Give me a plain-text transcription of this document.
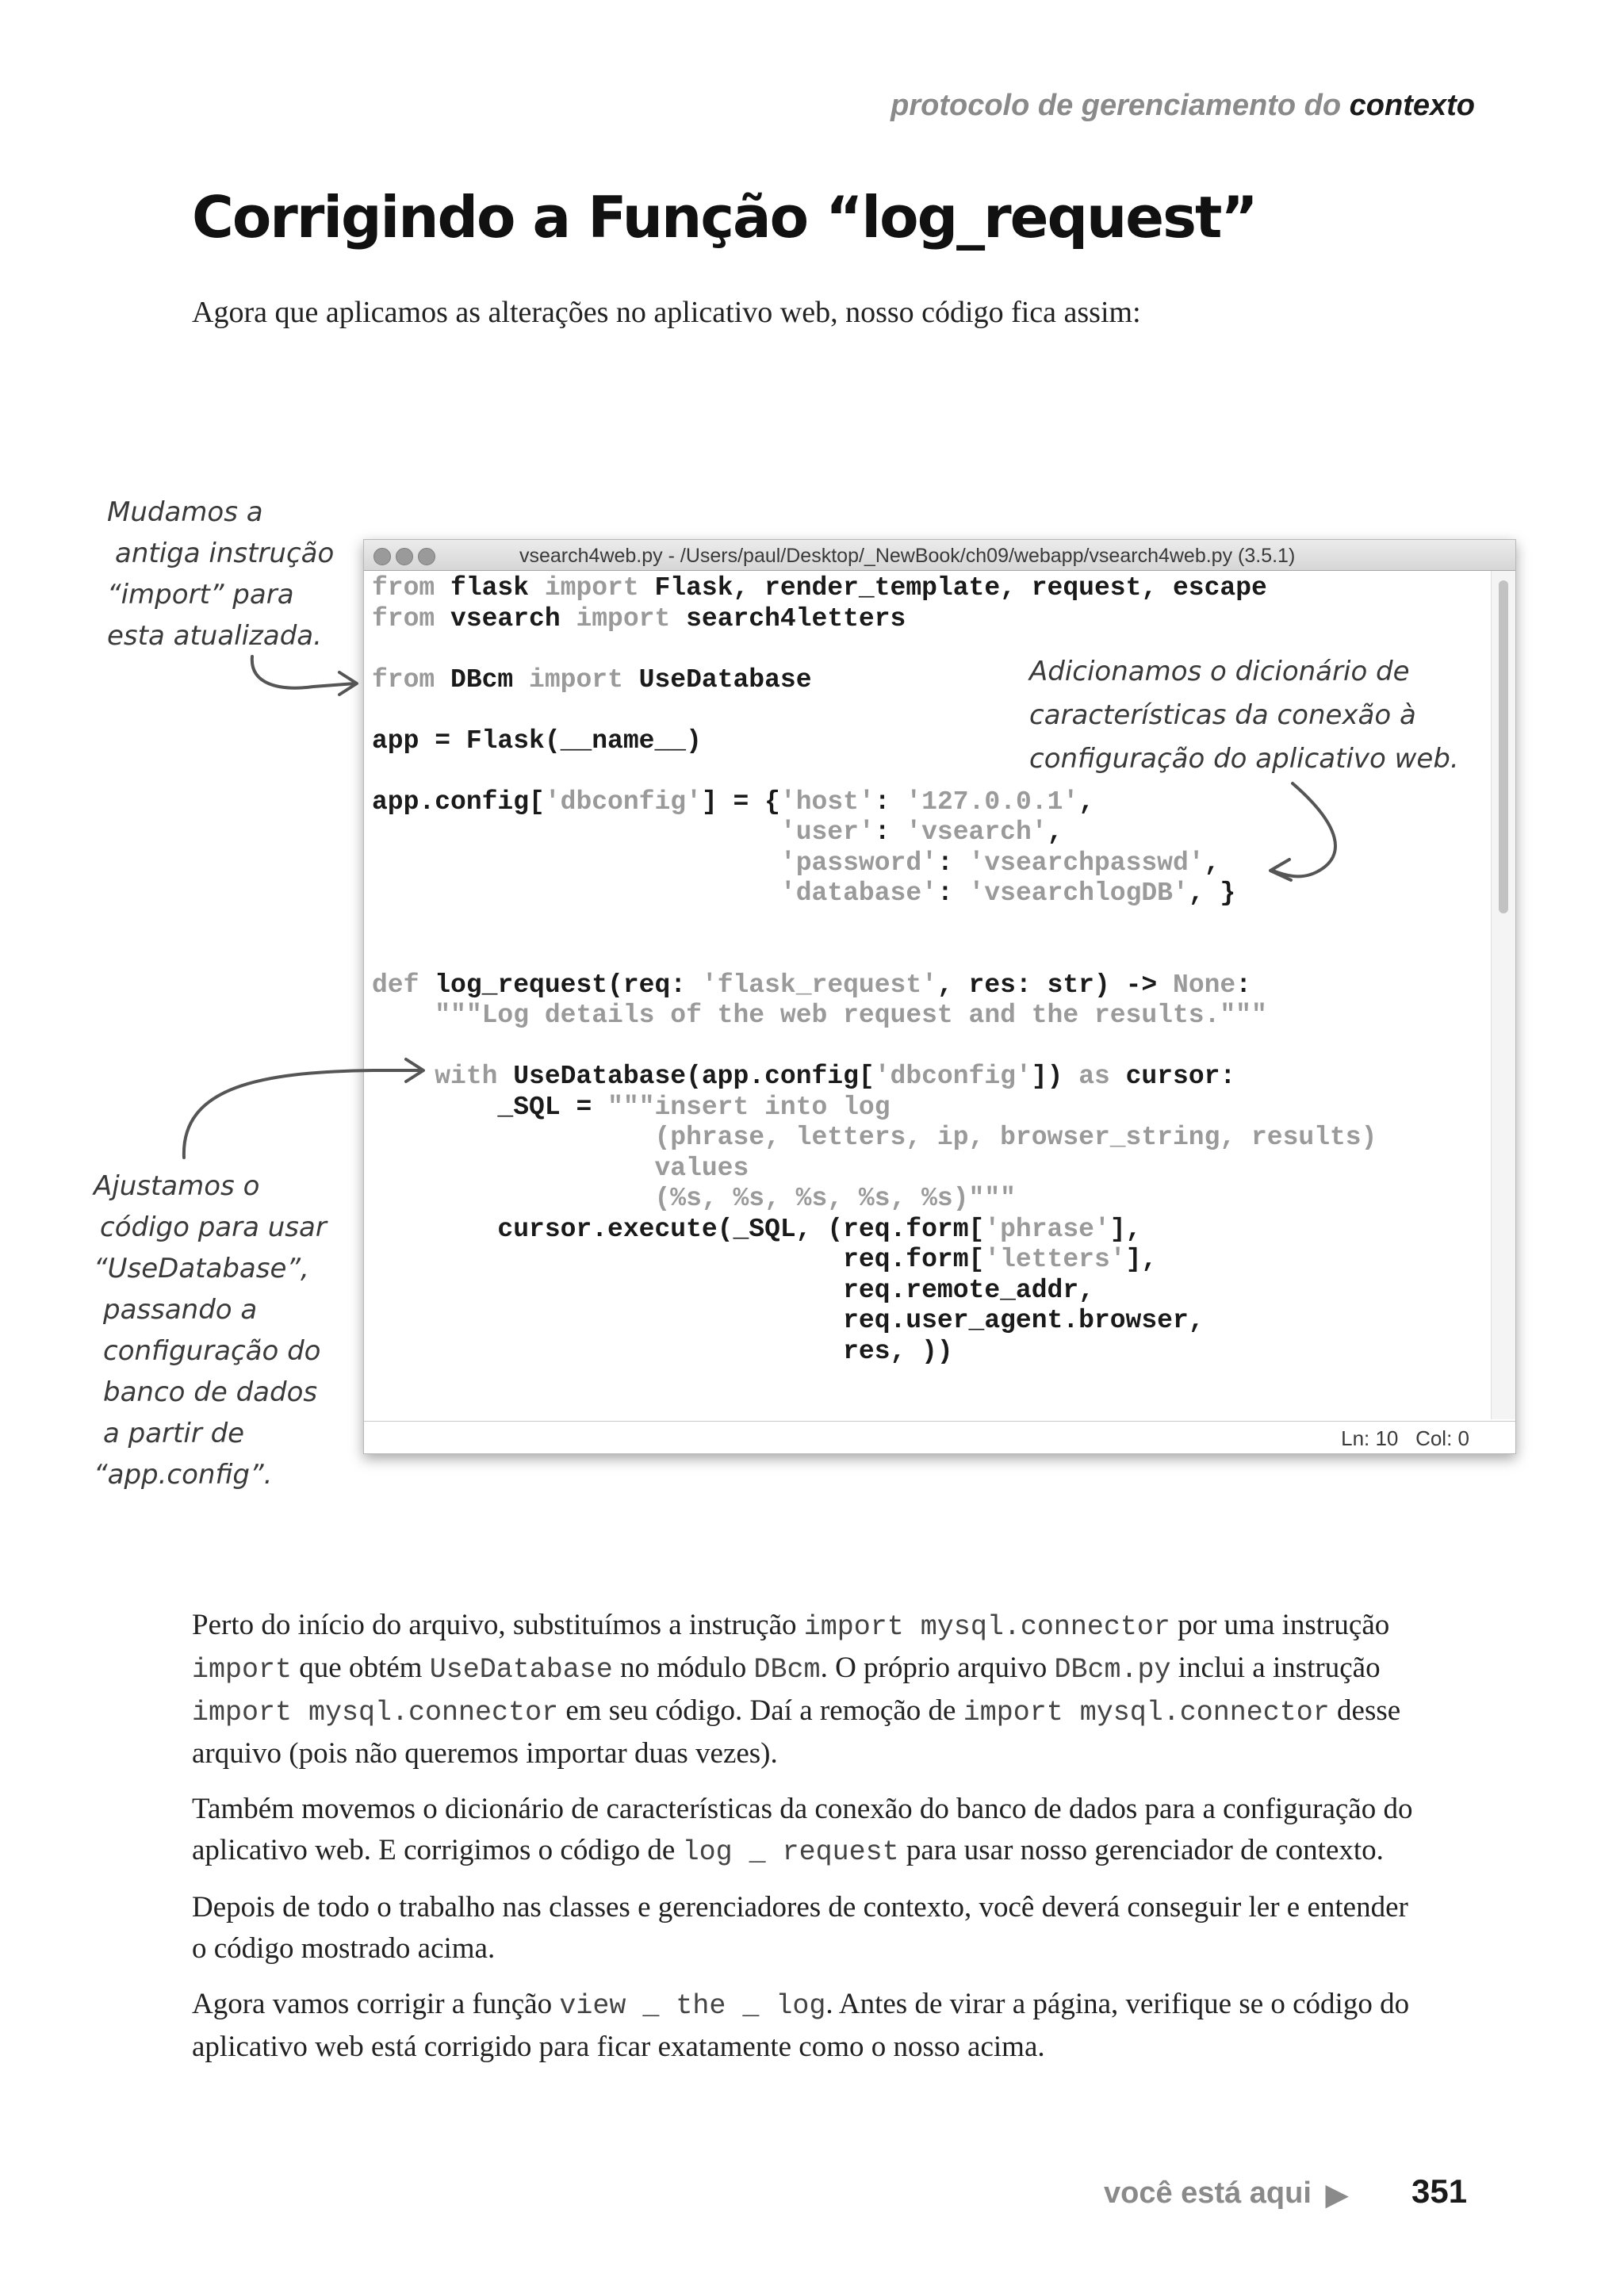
protocolo de gerenciamento do contexto
Corrigindo a Função “log_request”

Agora que aplicamos as alterações no aplicativo web, nosso código fica assim:

Mudamos a
antiga instrução
“import” para
esta atualizada.
vsearch4web.py - /Users/paul/Desktop/_NewBook/ch09/webapp/vsearch4web.py (3.5.1)
from flask import Flask, render_template, request, escape
from vsearch import search4letters

from DBcm import UseDatabase

app = Flask(__name__)

app.config['dbconfig'] = {'host': '127.0.0.1',
'user': 'vsearch',
'password': 'vsearchpasswd',
'database': 'vsearchlogDB', }

def log_request(req: 'flask_request', res: str) -> None:
"""Log details of the web request and the results."""

with UseDatabase(app.config['dbconfig']) as cursor:
_SQL = """insert into log
(phrase, letters, ip, browser_string, results)
values
(%s, %s, %s, %s, %s)"""
cursor.execute(_SQL, (req.form['phrase'],
req.form['letters'],
req.remote_addr,
req.user_agent.browser,
res, ))
Ln: 10   Col: 0
Adicionamos o dicionário de
características da conexão à
configuração do aplicativo web.
Ajustamos o
código para usar
“UseDatabase”,
passando a
configuração do
banco de dados
a partir de
“app.config”.

Perto do início do arquivo, substituímos a instrução import mysql.connector por uma instrução import que obtém UseDatabase no módulo DBcm. O próprio arquivo DBcm.py inclui a instrução import mysql.connector em seu código. Daí a remoção de import mysql.connector desse arquivo (pois não queremos importar duas vezes).

Também movemos o dicionário de características da conexão do banco de dados para a configuração do aplicativo web. E corrigimos o código de log _ request para usar nosso gerenciador de contexto.

Depois de todo o trabalho nas classes e gerenciadores de contexto, você deverá conseguir ler e entender o código mostrado acima.

Agora vamos corrigir a função view _ the _ log. Antes de virar a página, verifique se o código do aplicativo web está corrigido para ficar exatamente como o nosso acima.

você está aqui ▶ 351
